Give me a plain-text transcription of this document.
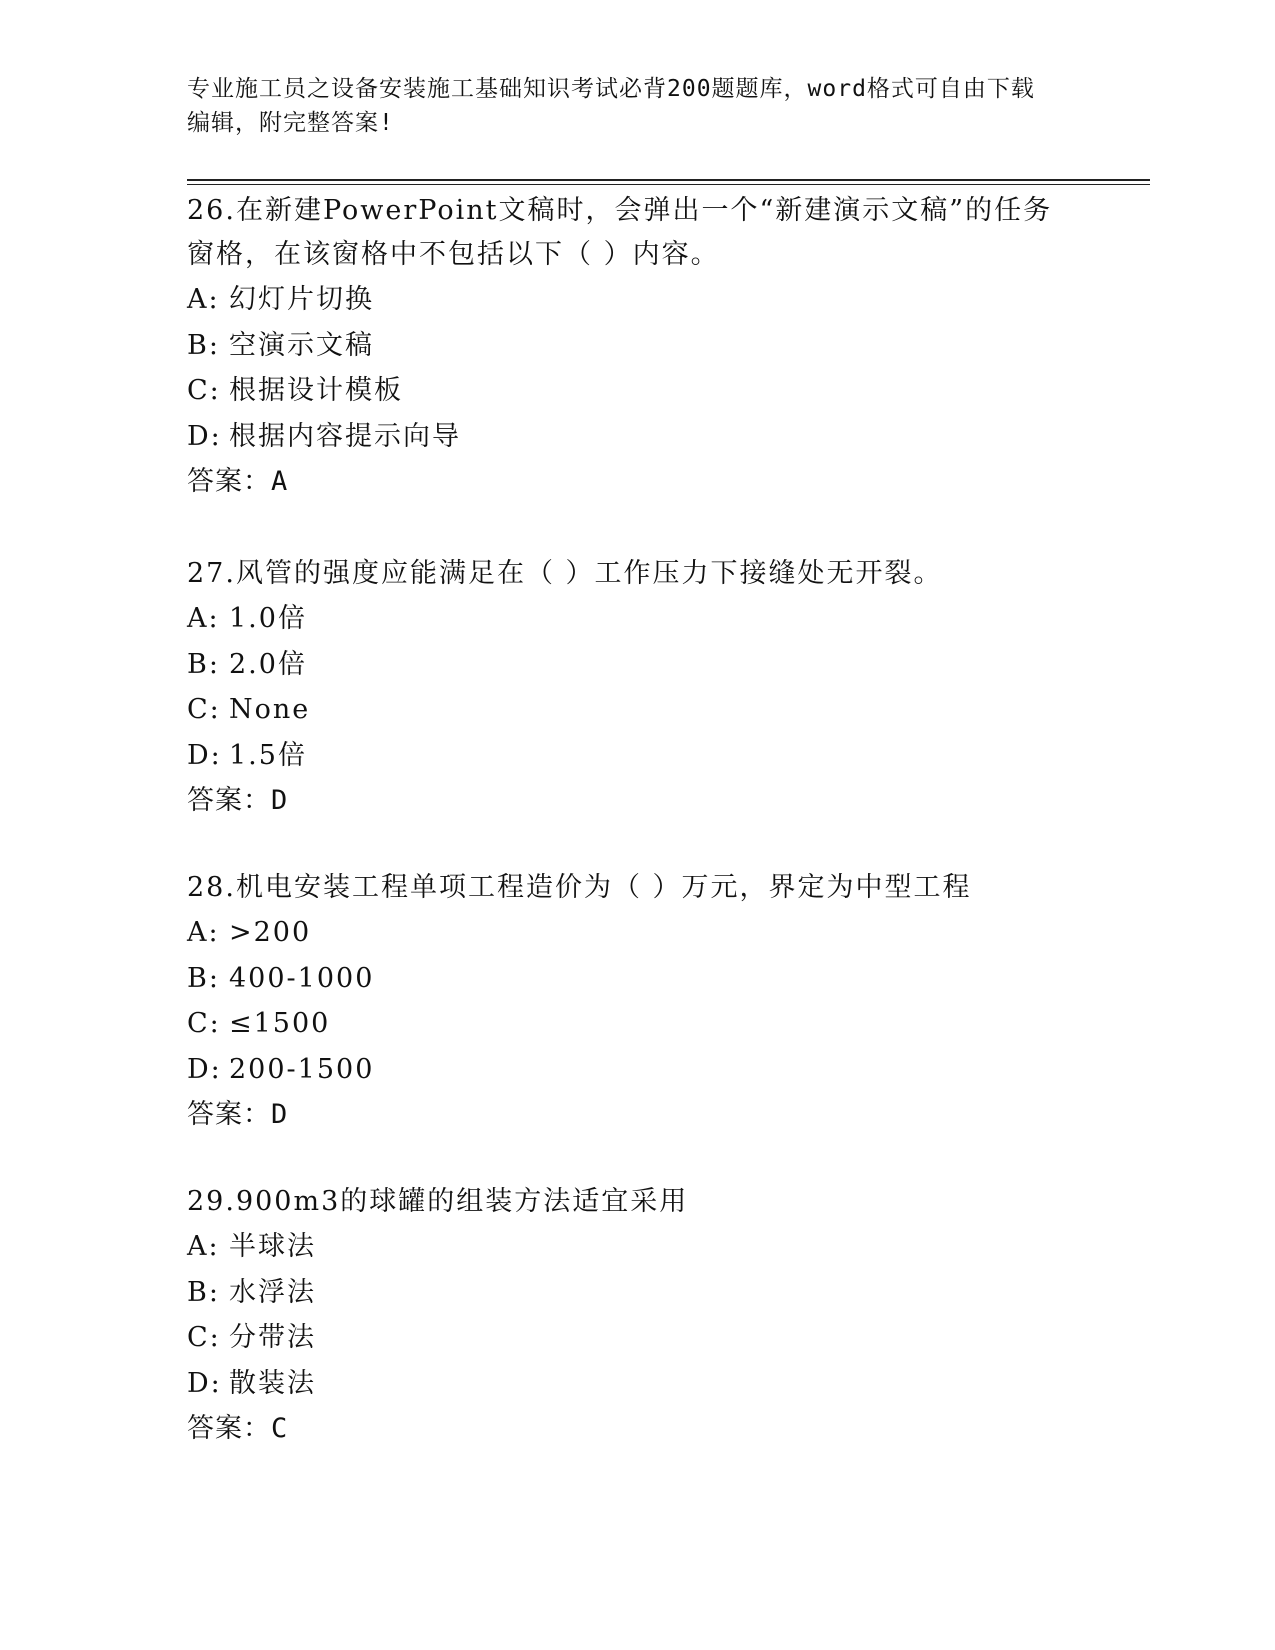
专业施工员之设备安装施工基础知识考试必背200题题库，word格式可自由下载
编辑，附完整答案!
26.在新建PowerPoint文稿时，会弹出一个“新建演示文稿”的任务
窗格，在该窗格中不包括以下（ ）内容。
A: 幻灯片切换
B: 空演示文稿
C: 根据设计模板
D: 根据内容提示向导
答案：A
27.风管的强度应能满足在（ ）工作压力下接缝处无开裂。
A: 1.0倍
B: 2.0倍
C: None
D: 1.5倍
答案：D
28.机电安装工程单项工程造价为（ ）万元，界定为中型工程
A: >200
B: 400-1000
C: ≤1500
D: 200-1500
答案：D
29.900m3的球罐的组装方法适宜采用
A: 半球法
B: 水浮法
C: 分带法
D: 散装法
答案：C
